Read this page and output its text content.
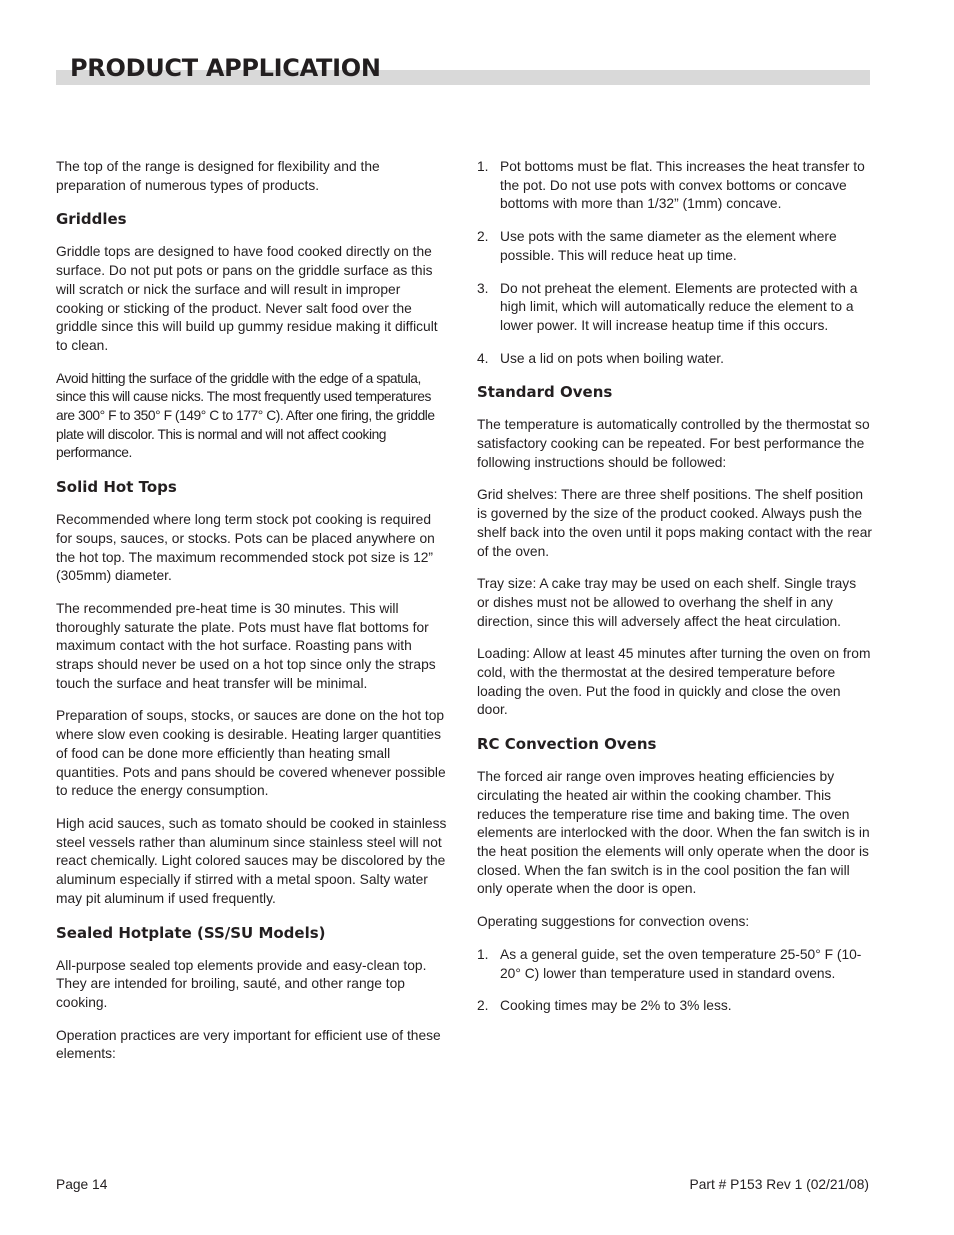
PRODUCT APPLICATION

The top of the range is designed for flexibility and the preparation of numerous types of products.

Griddles

Griddle tops are designed to have food cooked directly on the surface. Do not put pots or pans on the griddle surface as this will scratch or nick the surface and will result in improper cooking or sticking of the product. Never salt food over the griddle since this will build up gummy residue making it difficult to clean.

Avoid hitting the surface of the griddle with the edge of a spatula, since this will cause nicks. The most frequently used temperatures are 300° F to 350° F (149° C to 177° C). After one firing, the griddle plate will discolor. This is normal and will not affect cooking performance.

Solid Hot Tops

Recommended where long term stock pot cooking is required for soups, sauces, or stocks. Pots can be placed anywhere on the hot top. The maximum recommended stock pot size is 12” (305mm) diameter.

The recommended pre-heat time is 30 minutes. This will thoroughly saturate the plate. Pots must have flat bottoms for maximum contact with the hot surface. Roasting pans with straps should never be used on a hot top since only the straps touch the surface and heat transfer will be minimal.

Preparation of soups, stocks, or sauces are done on the hot top where slow even cooking is desirable. Heating larger quantities of food can be done more efficiently than heating small quantities. Pots and pans should be covered whenever possible to reduce the energy consumption.

High acid sauces, such as tomato should be cooked in stainless steel vessels rather than aluminum since stainless steel will not react chemically. Light colored sauces may be discolored by the aluminum especially if stirred with a metal spoon. Salty water may pit aluminum if used frequently.

Sealed Hotplate (SS/SU Models)

All-purpose sealed top elements provide and easy-clean top. They are intended for broiling, sauté, and other range top cooking.

Operation practices are very important for efficient use of these elements:

1. Pot bottoms must be flat. This increases the heat transfer to the pot. Do not use pots with convex bottoms or concave bottoms with more than 1/32” (1mm) concave.
2. Use pots with the same diameter as the element where possible. This will reduce heat up time.
3. Do not preheat the element. Elements are protected with a high limit, which will automatically reduce the element to a lower power. It will increase heatup time if this occurs.
4. Use a lid on pots when boiling water.
Standard Ovens

The temperature is automatically controlled by the thermostat so satisfactory cooking can be repeated. For best performance the following instructions should be followed:

Grid shelves: There are three shelf positions. The shelf position is governed by the size of the product cooked. Always push the shelf back into the oven until it pops making contact with the rear of the oven.

Tray size: A cake tray may be used on each shelf. Single trays or dishes must not be allowed to overhang the shelf in any direction, since this will adversely affect the heat circulation.

Loading: Allow at least 45 minutes after turning the oven on from cold, with the thermostat at the desired temperature before loading the oven. Put the food in quickly and close the oven door.

RC Convection Ovens

The forced air range oven improves heating efficiencies by circulating the heated air within the cooking chamber. This reduces the temperature rise time and baking time. The oven elements are interlocked with the door. When the fan switch is in the heat position the elements will only operate when the door is closed. When the fan switch is in the cool position the fan will only operate when the door is open.

Operating suggestions for convection ovens:

1. As a general guide, set the oven temperature 25-50° F (10-20° C) lower than temperature used in standard ovens.
2. Cooking times may be 2% to 3% less.
Page 14	Part # P153 Rev 1 (02/21/08)
